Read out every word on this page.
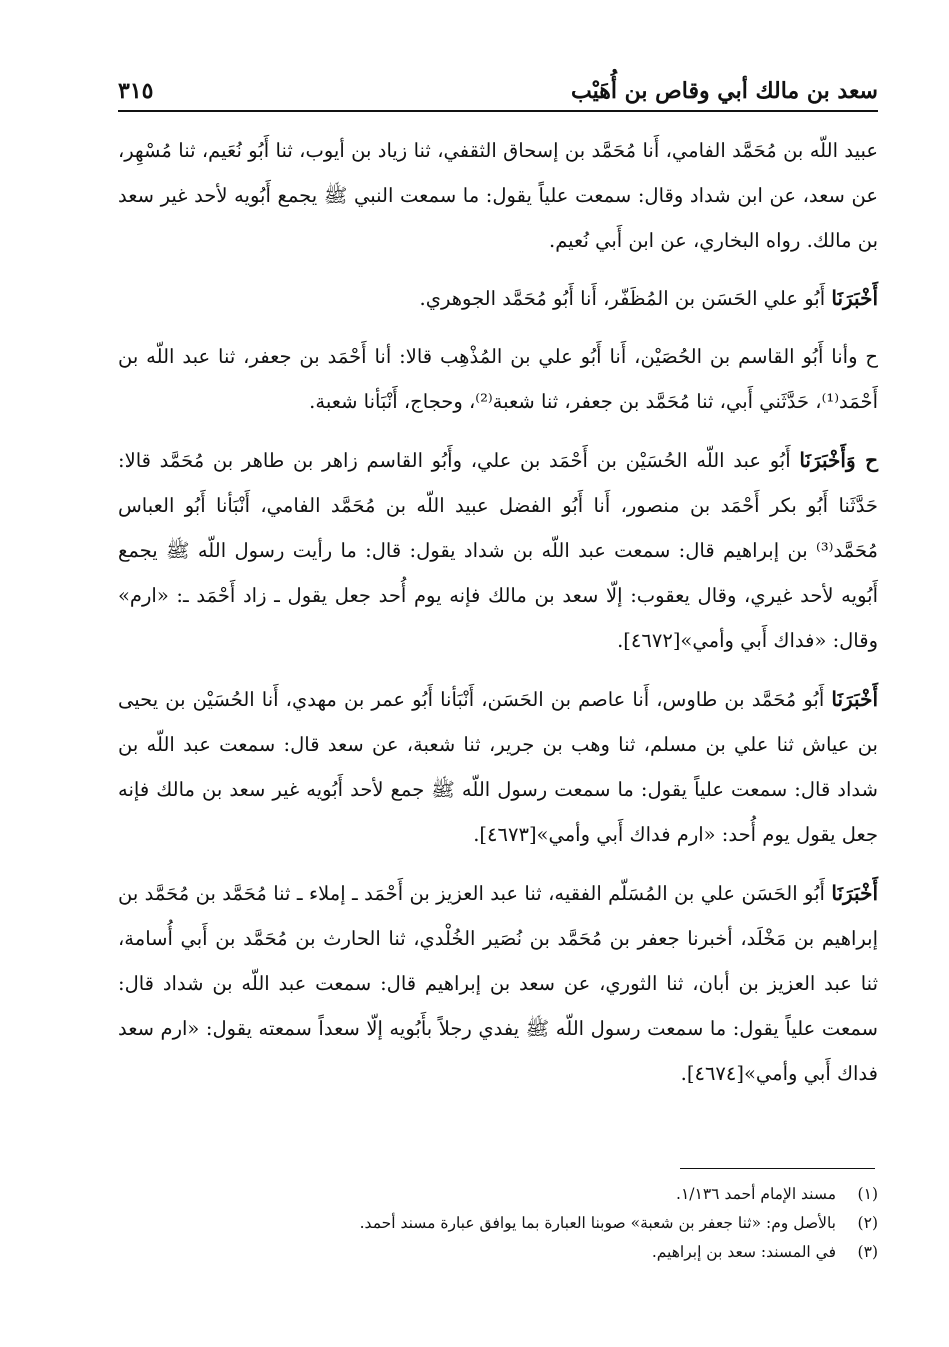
سعد بن مالك أبي وقاص بن أُهَيْب
٣١٥

عبيد اللّه بن مُحَمَّد الفامي، أَنا مُحَمَّد بن إسحاق الثقفي، ثنا زياد بن أيوب، ثنا أَبُو نُعَيم، ثنا مُسْهِر، عن سعد، عن ابن شداد وقال: سمعت علياً يقول: ما سمعت النبي ﷺ يجمع أَبُويه لأحد غير سعد بن مالك. رواه البخاري، عن ابن أَبي نُعيم.

أَخْبَرَنَا أَبُو علي الحَسَن بن المُظَفّر، أَنا أَبُو مُحَمَّد الجوهري.

ح وأنا أَبُو القاسم بن الحُصَيْن، أَنا أَبُو علي بن المُذْهِب قالا: أنا أَحْمَد بن جعفر، ثنا عبد اللّه بن أَحْمَد⁽¹⁾، حَدَّثَني أَبي، ثنا مُحَمَّد بن جعفر، ثنا شعبة⁽²⁾، وحجاج، أَنْبَأنا شعبة.

ح وَأَخْبَرَنَا أَبُو عبد اللّه الحُسَيْن بن أَحْمَد بن علي، وأَبُو القاسم زاهر بن طاهر بن مُحَمَّد قالا: حَدَّثَنا أَبُو بكر أَحْمَد بن منصور، أَنا أَبُو الفضل عبيد اللّه بن مُحَمَّد الفامي، أَنْبَأنا أَبُو العباس مُحَمَّد⁽³⁾ بن إبراهيم قال: سمعت عبد اللّه بن شداد يقول: قال: ما رأيت رسول اللّه ﷺ يجمع أَبُويه لأحد غيري، وقال يعقوب: إلّا سعد بن مالك فإنه يوم أُحد جعل يقول ـ زاد أَحْمَد ـ: «ارم» وقال: «فداك أَبي وأمي»[٤٦٧٢].

أَخْبَرَنَا أَبُو مُحَمَّد بن طاوس، أَنا عاصم بن الحَسَن، أَنْبَأنا أَبُو عمر بن مهدي، أَنا الحُسَيْن بن يحيى بن عياش ثنا علي بن مسلم، ثنا وهب بن جرير، ثنا شعبة، عن سعد قال: سمعت عبد اللّه بن شداد قال: سمعت علياً يقول: ما سمعت رسول اللّه ﷺ جمع لأحد أَبُويه غير سعد بن مالك فإنه جعل يقول يوم أُحد: «ارم فداك أَبي وأمي»[٤٦٧٣].

أَخْبَرَنَا أَبُو الحَسَن علي بن المُسَلّم الفقيه، ثنا عبد العزيز بن أَحْمَد ـ إملاء ـ ثنا مُحَمَّد بن مُحَمَّد بن إبراهيم بن مَخْلَد، أخبرنا جعفر بن مُحَمَّد بن نُصَير الخُلْدي، ثنا الحارث بن مُحَمَّد بن أَبي أُسامة، ثنا عبد العزيز بن أبان، ثنا الثوري، عن سعد بن إبراهيم قال: سمعت عبد اللّه بن شداد قال: سمعت علياً يقول: ما سمعت رسول اللّه ﷺ يفدي رجلاً بأَبُويه إلّا سعداً سمعته يقول: «ارم سعد فداك أَبي وأمي»[٤٦٧٤].

(١)
مسند الإمام أحمد ١/١٣٦.
(٢)
بالأصل وم: «ثنا جعفر بن شعبة» صوبنا العبارة بما يوافق عبارة مسند أحمد.
(٣)
في المسند: سعد بن إبراهيم.
